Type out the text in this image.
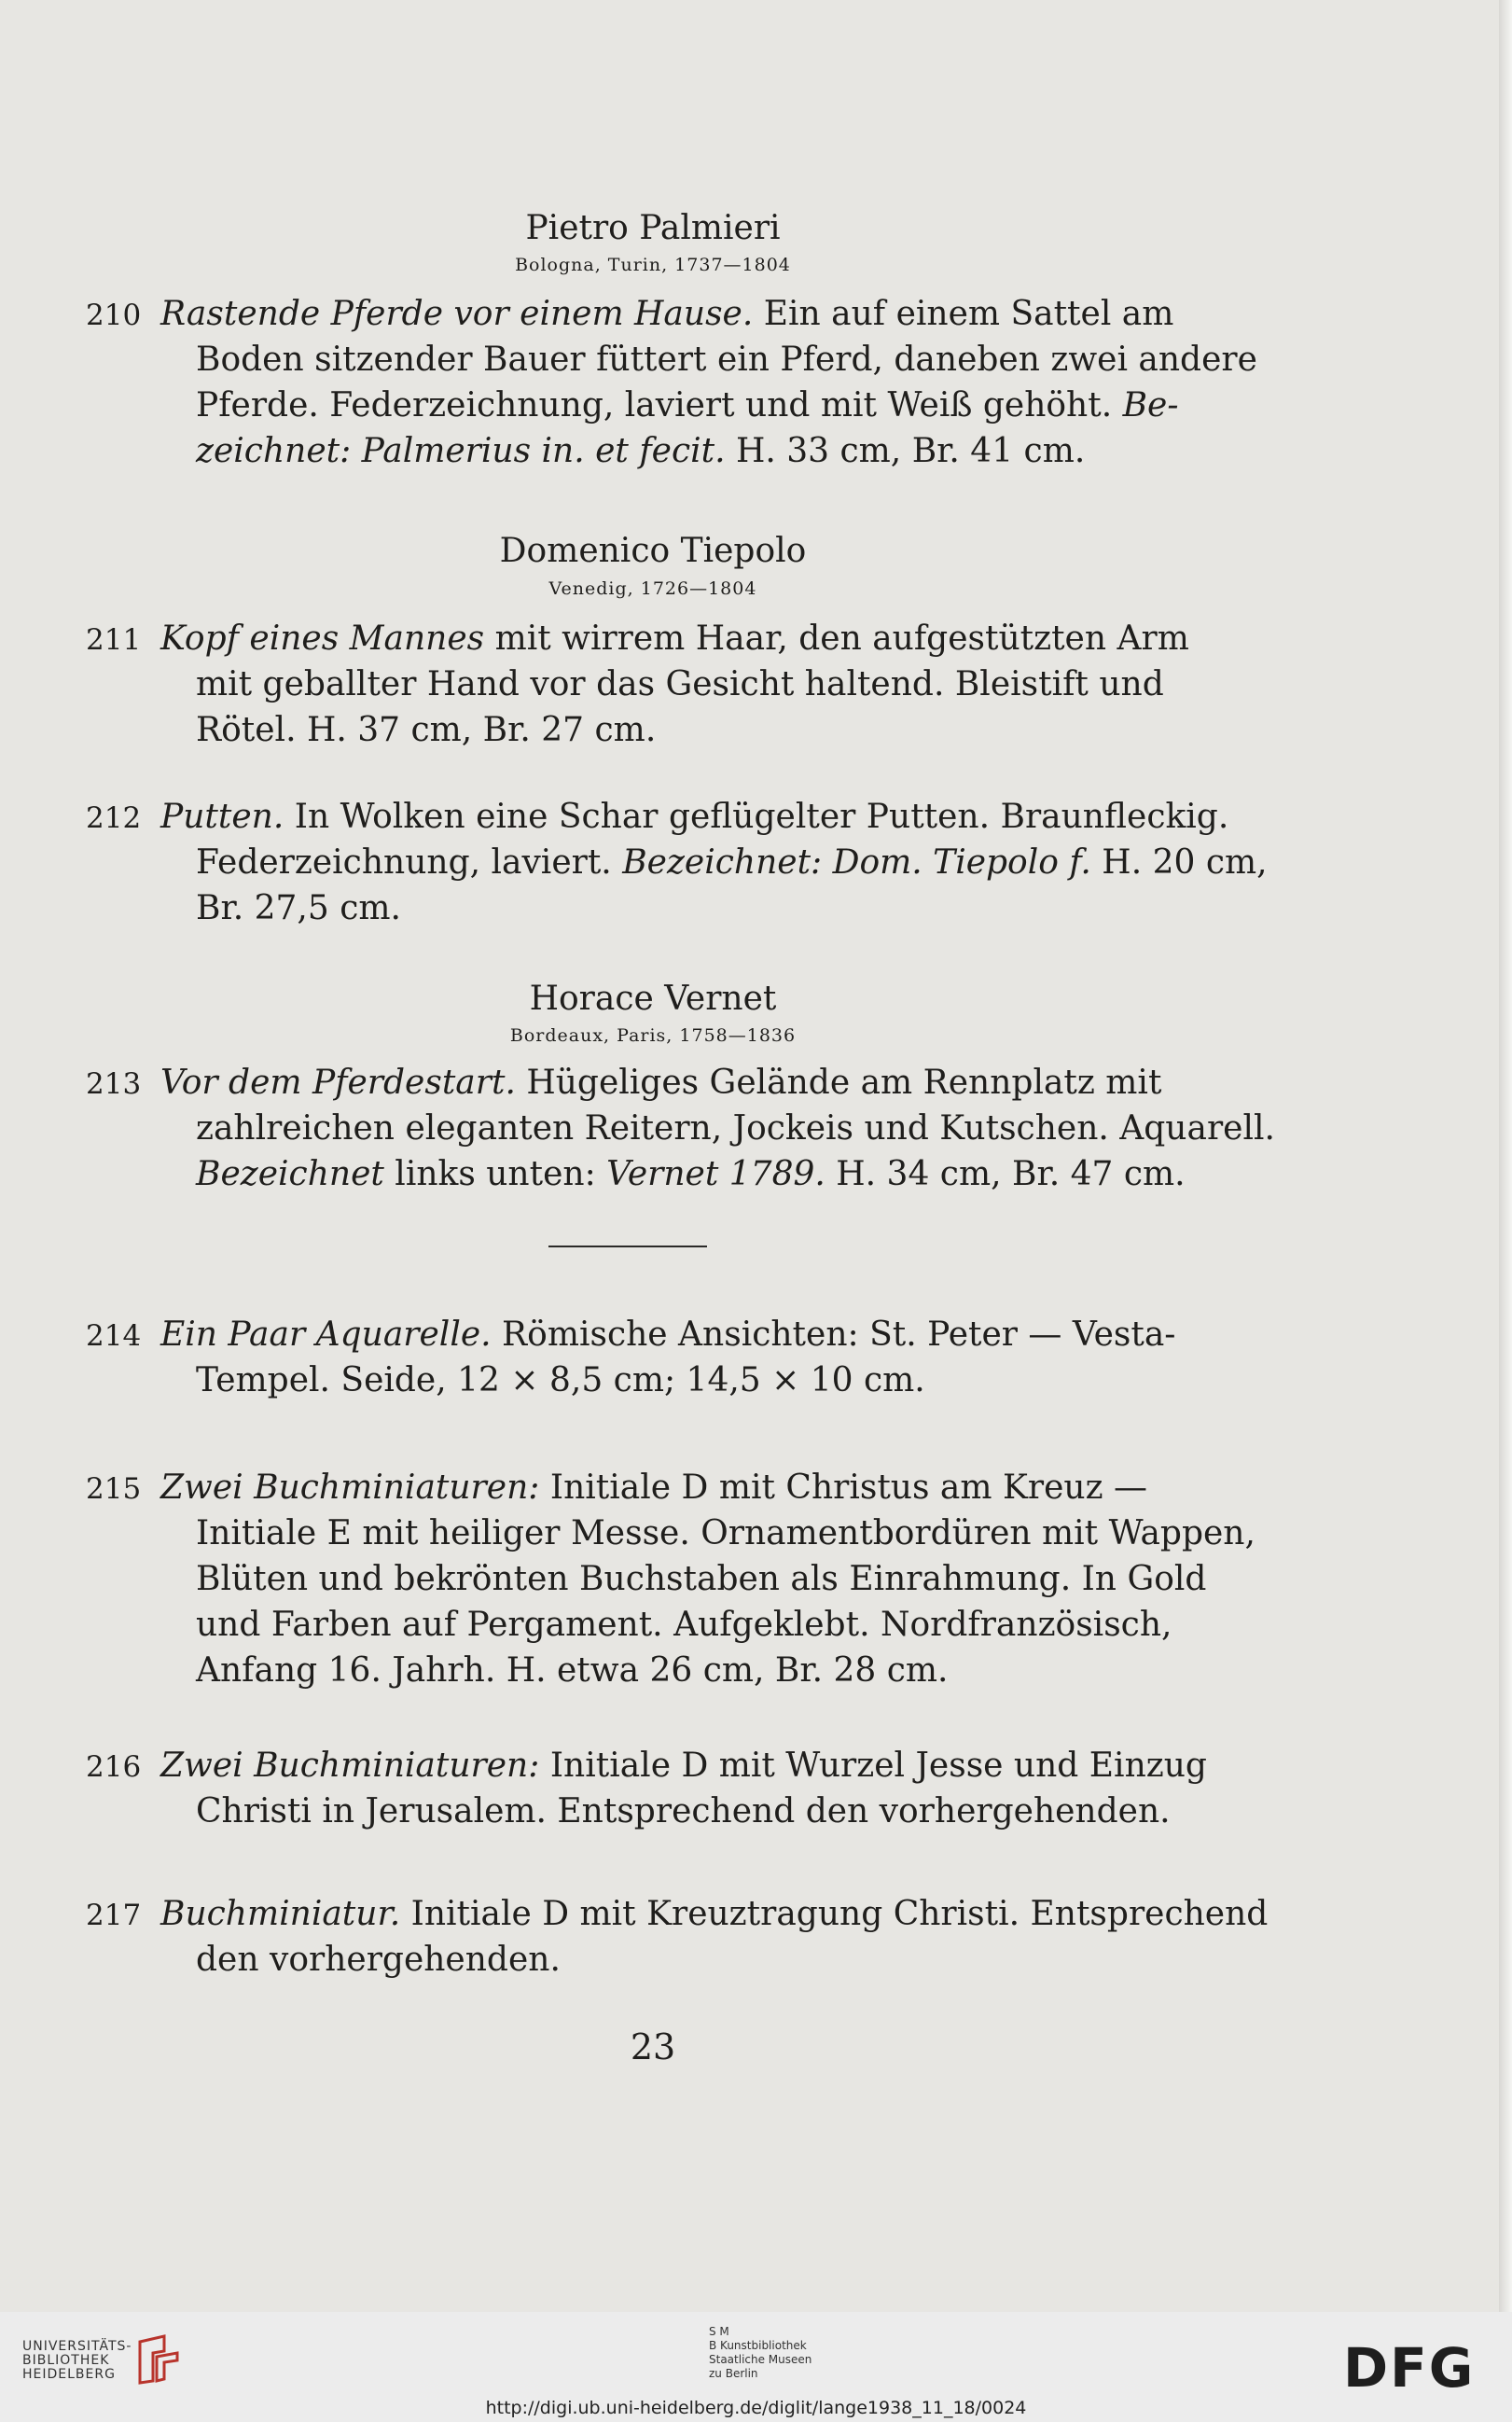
Pietro Palmieri
Bologna, Turin, 1737—1804
210 Rastende Pferde vor einem Hause. Ein auf einem Sattel am
Boden sitzender Bauer füttert ein Pferd, daneben zwei andere
Pferde. Federzeichnung, laviert und mit Weiß gehöht. Be-
zeichnet: Palmerius in. et fecit. H. 33 cm, Br. 41 cm.
Domenico Tiepolo
Venedig, 1726—1804
211 Kopf eines Mannes mit wirrem Haar, den aufgestützten Arm
mit geballter Hand vor das Gesicht haltend. Bleistift und
Rötel. H. 37 cm, Br. 27 cm.
212 Putten. In Wolken eine Schar geflügelter Putten. Braunfleckig.
Federzeichnung, laviert. Bezeichnet: Dom. Tiepolo f. H. 20 cm,
Br. 27,5 cm.
Horace Vernet
Bordeaux, Paris, 1758—1836
213 Vor dem Pferdestart. Hügeliges Gelände am Rennplatz mit
zahlreichen eleganten Reitern, Jockeis und Kutschen. Aquarell.
Bezeichnet links unten: Vernet 1789. H. 34 cm, Br. 47 cm.
214 Ein Paar Aquarelle. Römische Ansichten: St. Peter — Vesta-
Tempel. Seide, 12 × 8,5 cm; 14,5 × 10 cm.
215 Zwei Buchminiaturen: Initiale D mit Christus am Kreuz —
Initiale E mit heiliger Messe. Ornamentbordüren mit Wappen,
Blüten und bekrönten Buchstaben als Einrahmung. In Gold
und Farben auf Pergament. Aufgeklebt. Nordfranzösisch,
Anfang 16. Jahrh. H. etwa 26 cm, Br. 28 cm.
216 Zwei Buchminiaturen: Initiale D mit Wurzel Jesse und Einzug
Christi in Jerusalem. Entsprechend den vorhergehenden.
217 Buchminiatur. Initiale D mit Kreuztragung Christi. Entsprechend
den vorhergehenden.
23
UNIVERSITÄTS-
BIBLIOTHEK
HEIDELBERG
S M
B Kunstbibliothek
Staatliche Museen
zu Berlin	DFG
http://digi.ub.uni-heidelberg.de/diglit/lange1938_11_18/0024
